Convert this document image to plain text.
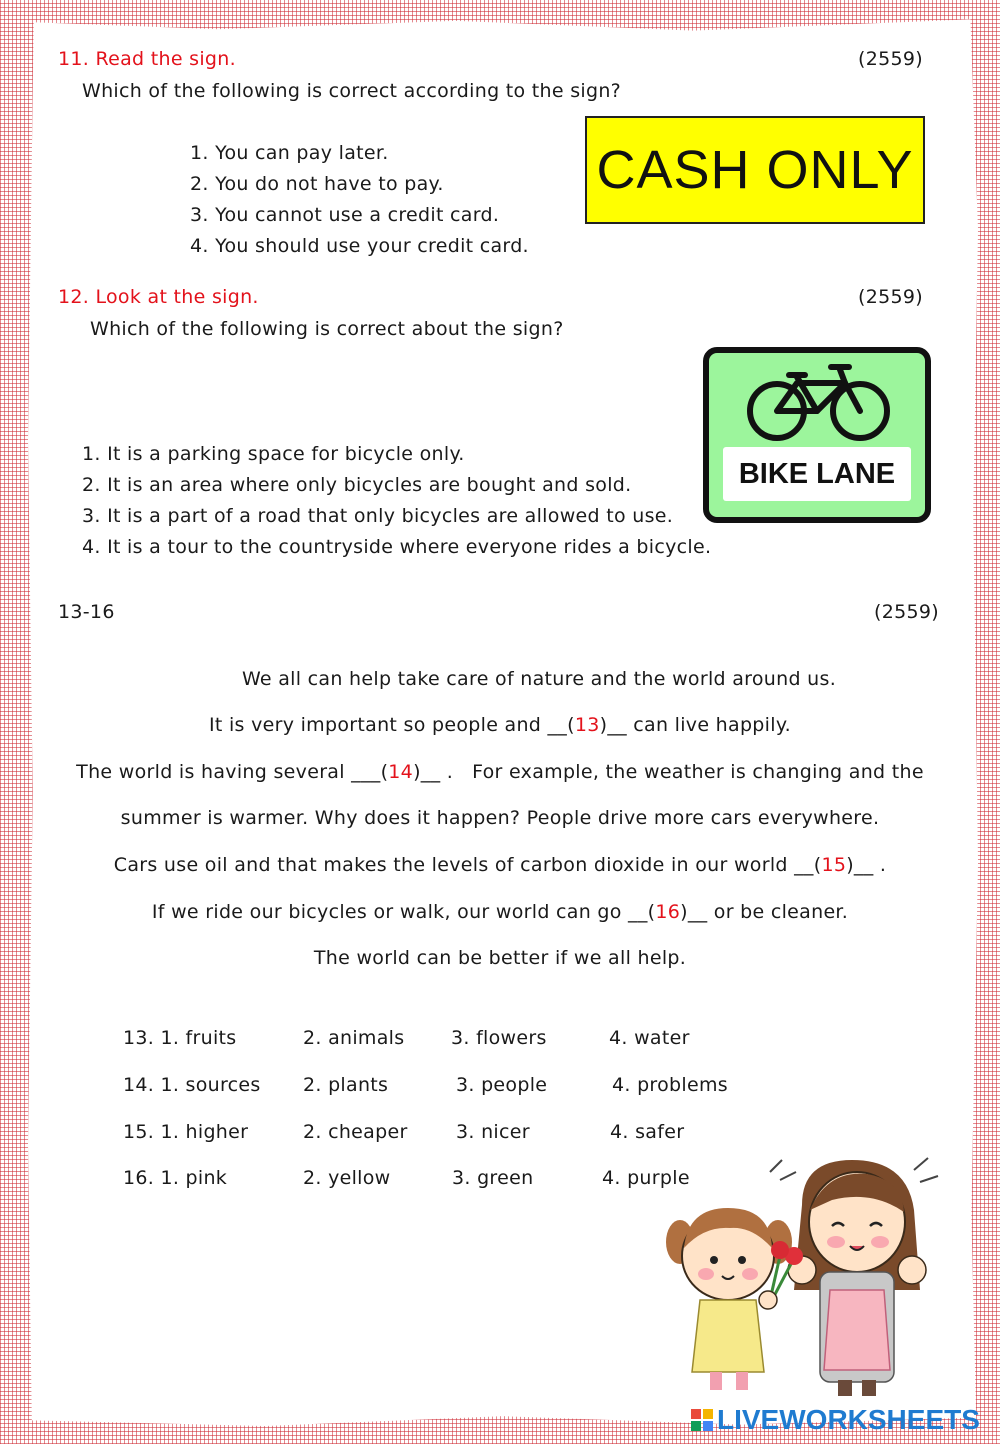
11. Read the sign.	(2559)
Which of the following is correct according to the sign?
1. You can pay later.
2. You do not have to pay.
3. You cannot use a credit card.
4. You should use your credit card.
CASH ONLY
12. Look at the sign.	(2559)
Which of the following is correct about the sign?
BIKE LANE
1. It is a parking space for bicycle only.
2. It is an area where only bicycles are bought and sold.
3. It is a part of a road that only bicycles are allowed to use.
4. It is a tour to the countryside where everyone rides a bicycle.
13-16	(2559)
We all can help take care of nature and the world around us.
It is very important so people and __(13)__ can live happily.
The world is having several ___(14)__ .   For example, the weather is changing and the
summer is warmer. Why does it happen? People drive more cars everywhere.
Cars use oil and that makes the levels of carbon dioxide in our world __(15)__ .
If we ride our bicycles or walk, our world can go __(16)__ or be cleaner.
The world can be better if we all help.
13. 1. fruits	2. animals 3. flowers	4. water
14. 1. sources 2. plants	3. people	4. problems
15. 1. higher	2. cheaper	3. nicer	4. safer
16. 1. pink	2. yellow	3. green	4. purple
LIVEWORKSHEETS
